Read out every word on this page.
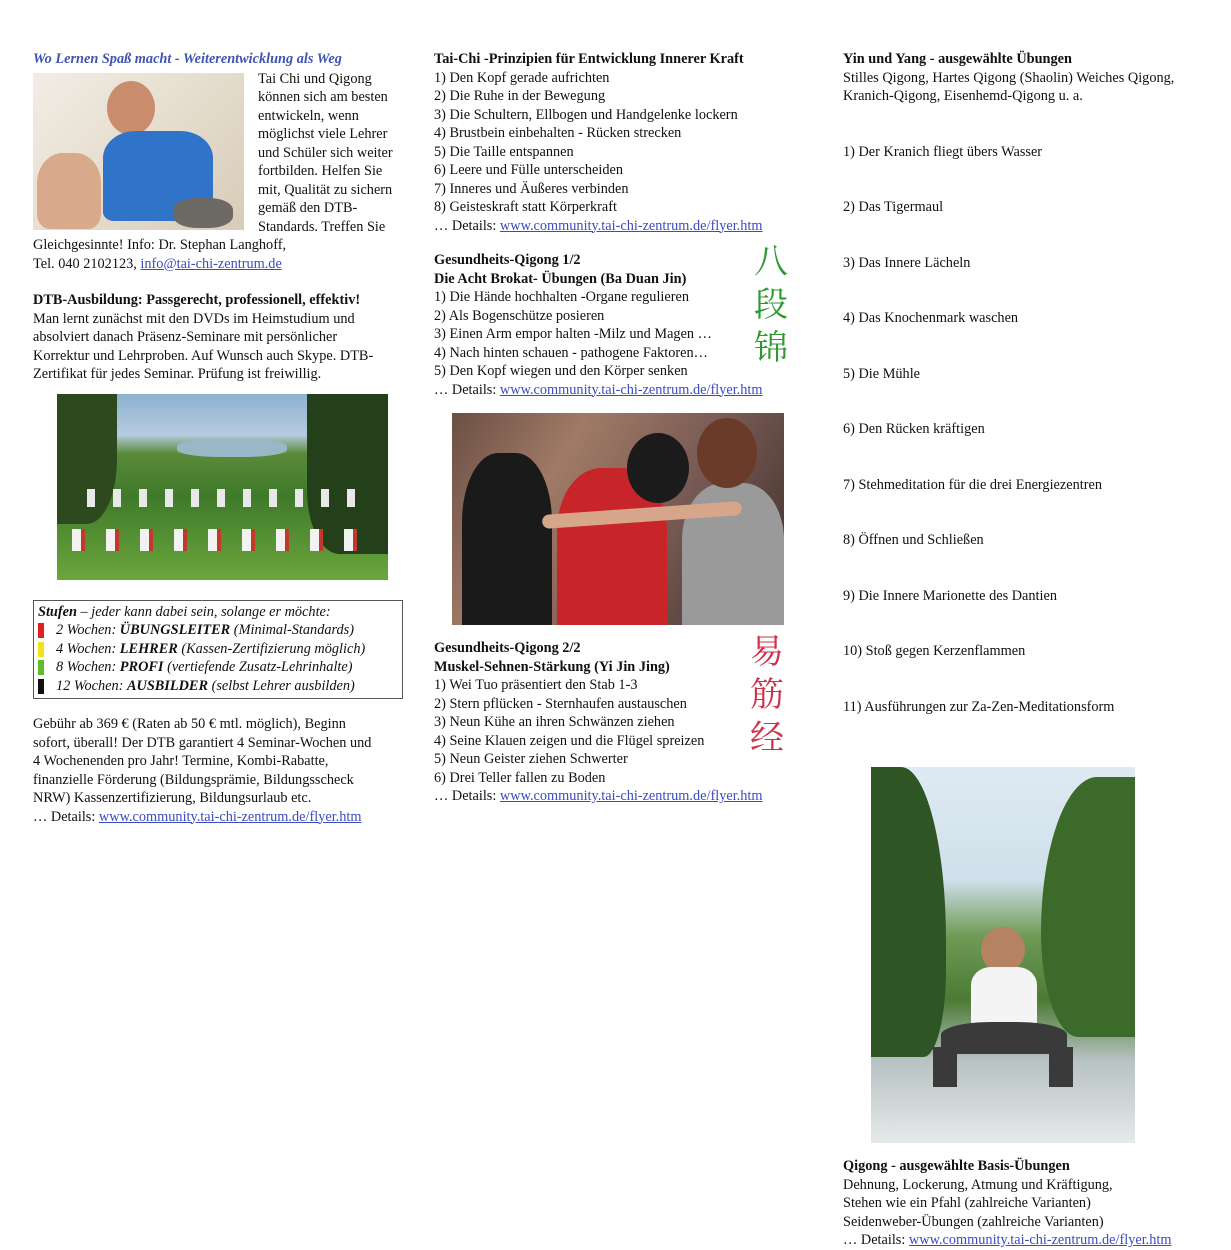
Wo Lernen Spaß macht - Weiterentwicklung als Weg
Tai Chi und Qigong
können sich am besten
entwickeln, wenn
möglichst viele Lehrer
und Schüler sich weiter
fortbilden. Helfen Sie
mit, Qualität zu sichern
gemäß den DTB-
Standards. Treffen Sie
Gleichgesinnte! Info: Dr. Stephan Langhoff,
Tel. 040 2102123, info@tai-chi-zentrum.de
DTB-Ausbildung: Passgerecht, professionell, effektiv!
Man lernt zunächst mit den DVDs im Heimstudium und
absolviert danach Präsenz-Seminare mit persönlicher
Korrektur und Lehrproben. Auf Wunsch auch Skype. DTB-
Zertifikat für jedes Seminar. Prüfung ist freiwillig.
Stufen – jeder kann dabei sein, solange er möchte:
2 Wochen: ÜBUNGSLEITER (Minimal-Standards)
4 Wochen: LEHRER (Kassen-Zertifizierung möglich)
8 Wochen: PROFI (vertiefende Zusatz-Lehrinhalte)
12 Wochen: AUSBILDER (selbst Lehrer ausbilden)
Gebühr ab 369 € (Raten ab 50 € mtl. möglich), Beginn
sofort, überall! Der DTB garantiert 4 Seminar-Wochen und
4 Wochenenden pro Jahr! Termine, Kombi-Rabatte,
finanzielle Förderung (Bildungsprämie, Bildungsscheck
NRW) Kassenzertifizierung, Bildungsurlaub etc.
… Details: www.community.tai-chi-zentrum.de/flyer.htm
Tai-Chi -Prinzipien für Entwicklung Innerer Kraft
1) Den Kopf gerade aufrichten
2) Die Ruhe in der Bewegung
3) Die Schultern, Ellbogen und Handgelenke lockern
4) Brustbein einbehalten - Rücken strecken
5) Die Taille entspannen
6) Leere und Fülle unterscheiden
7) Inneres und Äußeres verbinden
8) Geisteskraft statt Körperkraft
… Details: www.community.tai-chi-zentrum.de/flyer.htm
Gesundheits-Qigong 1/2
Die Acht Brokat- Übungen (Ba Duan Jin)
1) Die Hände hochhalten -Organe regulieren
2) Als Bogenschütze posieren
3) Einen Arm empor halten -Milz und Magen …
4) Nach hinten schauen - pathogene Faktoren…
5) Den Kopf wiegen und den Körper senken
… Details: www.community.tai-chi-zentrum.de/flyer.htm
八
段
锦
Gesundheits-Qigong 2/2
Muskel-Sehnen-Stärkung (Yi Jin Jing)
1) Wei Tuo präsentiert den Stab 1-3
2) Stern pflücken - Sternhaufen austauschen
3) Neun Kühe an ihren Schwänzen ziehen
4) Seine Klauen zeigen und die Flügel spreizen
5) Neun Geister ziehen Schwerter
6) Drei Teller fallen zu Boden
… Details: www.community.tai-chi-zentrum.de/flyer.htm
易
筋
经
Yin und Yang - ausgewählte Übungen
Stilles Qigong, Hartes Qigong (Shaolin) Weiches Qigong,
Kranich-Qigong, Eisenhemd-Qigong u. a.

1) Der Kranich fliegt übers Wasser

2) Das Tigermaul

3) Das Innere Lächeln

4) Das Knochenmark waschen

5) Die Mühle

6) Den Rücken kräftigen

7) Stehmeditation für die drei Energiezentren

8) Öffnen und Schließen

9) Die Innere Marionette des Dantien

10) Stoß gegen Kerzenflammen

11) Ausführungen zur Za-Zen-Meditationsform

Qigong - ausgewählte Basis-Übungen
Dehnung, Lockerung, Atmung und Kräftigung,
Stehen wie ein Pfahl (zahlreiche Varianten)
Seidenweber-Übungen (zahlreiche Varianten)
… Details: www.community.tai-chi-zentrum.de/flyer.htm
